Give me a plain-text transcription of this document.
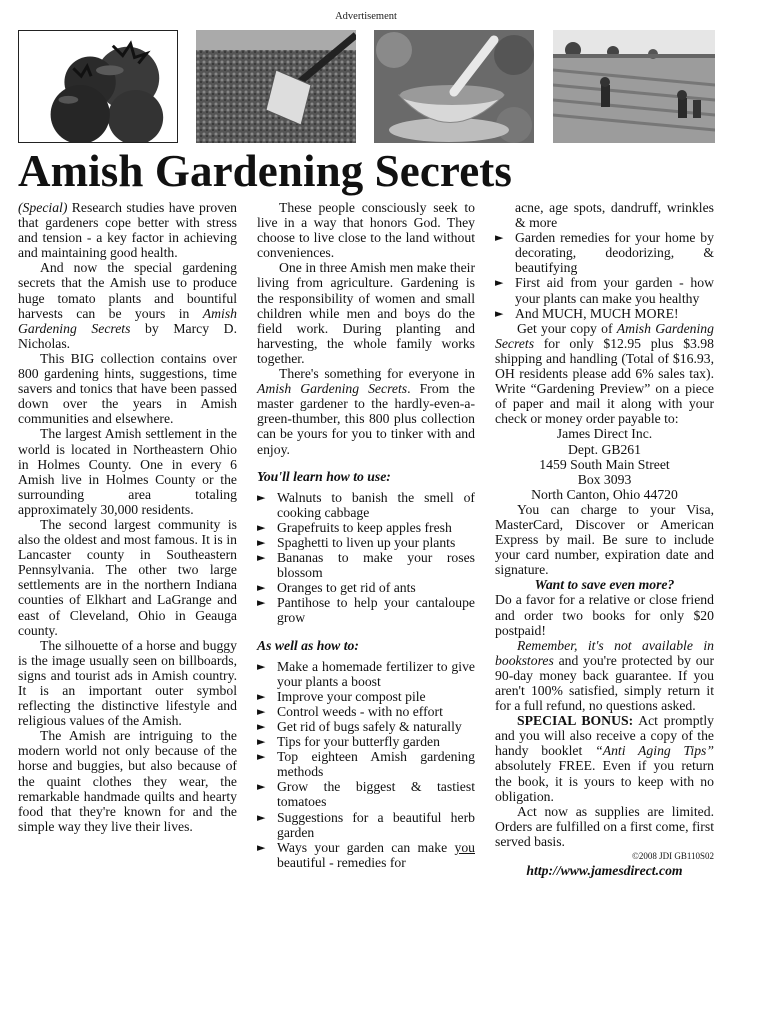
Advertisement
Amish Gardening Secrets

(Special) Research studies have proven that gardeners cope better with stress and tension - a key factor in achieving and maintaining good health.

And now the special gardening secrets that the Amish use to produce huge tomato plants and bountiful harvests can be yours in Amish Gardening Secrets by Marcy D. Nicholas.

This BIG collection contains over 800 gardening hints, suggestions, time savers and tonics that have been passed down over the years in Amish communities and elsewhere.

The largest Amish settlement in the world is located in Northeastern Ohio in Holmes County. One in every 6 Amish live in Holmes County or the surrounding area totaling approximately 30,000 residents.

The second largest community is also the oldest and most famous. It is in Lancaster county in Southeastern Pennsylvania. The other two large settlements are in the northern Indiana counties of Elkhart and LaGrange and east of Cleveland, Ohio in Geauga county.

The silhouette of a horse and buggy is the image usually seen on billboards, signs and tourist ads in Amish country. It is an important outer symbol reflecting the distinctive lifestyle and religious values of the Amish.

The Amish are intriguing to the modern world not only because of the horse and buggies, but also because of the quaint clothes they wear, the remarkable handmade quilts and hearty food that they're known for and the simple way they live their lives.

These people consciously seek to live in a way that honors God. They choose to live close to the land without conveniences.

One in three Amish men make their living from agriculture. Gardening is the responsibility of women and small children while men and boys do the field work. During planting and harvesting, the whole family works together.

There's something for everyone in Amish Gardening Secrets. From the master gardener to the hardly-even-a-green-thumber, this 800 plus collection can be yours for you to tinker with and enjoy.

You'll learn how to use:

► Walnuts to banish the smell of cooking cabbage
► Grapefruits to keep apples fresh
► Spaghetti to liven up your plants
► Bananas to make your roses blossom
► Oranges to get rid of ants
► Pantihose to help your cantaloupe grow

As well as how to:

► Make a homemade fertilizer to give your plants a boost
► Improve your compost pile
► Control weeds - with no effort
► Get rid of bugs safely & naturally
► Tips for your butterfly garden
► Top eighteen Amish gardening methods
► Grow the biggest & tastiest tomatoes
► Suggestions for a beautiful herb garden
► Ways your garden can make you beautiful - remedies for

acne, age spots, dandruff, wrinkles & more

► Garden remedies for your home by decorating, deodorizing, & beautifying
► First aid from your garden - how your plants can make you healthy
► And MUCH, MUCH MORE!

Get your copy of Amish Gardening Secrets for only $12.95 plus $3.98 shipping and handling (Total of $16.93, OH residents please add 6% sales tax). Write “Gardening Preview” on a piece of paper and mail it along with your check or money order payable to:

James Direct Inc.
Dept. GB261
1459 South Main Street
Box 3093
North Canton, Ohio 44720

You can charge to your Visa, MasterCard, Discover or American Express by mail. Be sure to include your card number, expiration date and signature.

Want to save even more?

Do a favor for a relative or close friend and order two books for only $20 postpaid!

Remember, it's not available in bookstores and you're protected by our 90-day money back guarantee. If you aren't 100% satisfied, simply return it for a full refund, no questions asked.

SPECIAL BONUS: Act promptly and you will also receive a copy of the handy booklet “Anti Aging Tips” absolutely FREE. Even if you return the book, it is yours to keep with no obligation.

Act now as supplies are limited. Orders are fulfilled on a first come, first served basis.

©2008 JDI GB110S02

http://www.jamesdirect.com
